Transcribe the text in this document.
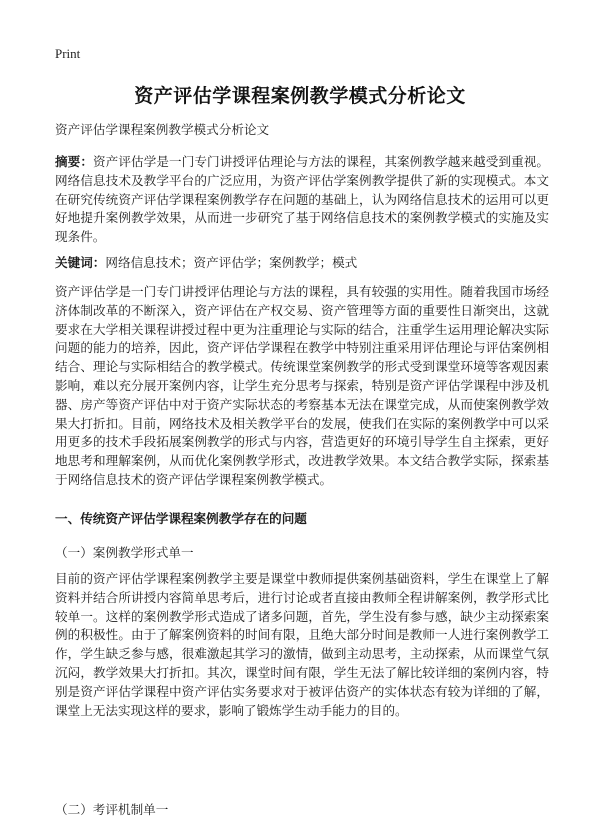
Print
资产评估学课程案例教学模式分析论文

资产评估学课程案例教学模式分析论文

摘要：资产评估学是一门专门讲授评估理论与方法的课程，其案例教学越来越受到重视。网络信息技术及教学平台的广泛应用，为资产评估学案例教学提供了新的实现模式。本文在研究传统资产评估学课程案例教学存在问题的基础上，认为网络信息技术的运用可以更好地提升案例教学效果，从而进一步研究了基于网络信息技术的案例教学模式的实施及实现条件。

关键词：网络信息技术；资产评估学；案例教学；模式

资产评估学是一门专门讲授评估理论与方法的课程，具有较强的实用性。随着我国市场经济体制改革的不断深入，资产评估在产权交易、资产管理等方面的重要性日渐突出，这就要求在大学相关课程讲授过程中更为注重理论与实际的结合，注重学生运用理论解决实际问题的能力的培养，因此，资产评估学课程在教学中特别注重采用评估理论与评估案例相结合、理论与实际相结合的教学模式。传统课堂案例教学的形式受到课堂环境等客观因素影响，难以充分展开案例内容，让学生充分思考与探索，特别是资产评估学课程中涉及机器、房产等资产评估中对于资产实际状态的考察基本无法在课堂完成，从而使案例教学效果大打折扣。目前，网络技术及相关教学平台的发展，使我们在实际的案例教学中可以采用更多的技术手段拓展案例教学的形式与内容，营造更好的环境引导学生自主探索，更好地思考和理解案例，从而优化案例教学形式，改进教学效果。本文结合教学实际，探索基于网络信息技术的资产评估学课程案例教学模式。

一、传统资产评估学课程案例教学存在的问题
（一）案例教学形式单一

目前的资产评估学课程案例教学主要是课堂中教师提供案例基础资料，学生在课堂上了解资料并结合所讲授内容简单思考后，进行讨论或者直接由教师全程讲解案例，教学形式比较单一。这样的案例教学形式造成了诸多问题，首先，学生没有参与感，缺少主动探索案例的积极性。由于了解案例资料的时间有限，且绝大部分时间是教师一人进行案例教学工作，学生缺乏参与感，很难激起其学习的激情，做到主动思考，主动探索，从而课堂气氛沉闷，教学效果大打折扣。其次，课堂时间有限，学生无法了解比较详细的案例内容，特别是资产评估学课程中资产评估实务要求对于被评估资产的实体状态有较为详细的了解，课堂上无法实现这样的要求，影响了锻炼学生动手能力的目的。

（二）考评机制单一
